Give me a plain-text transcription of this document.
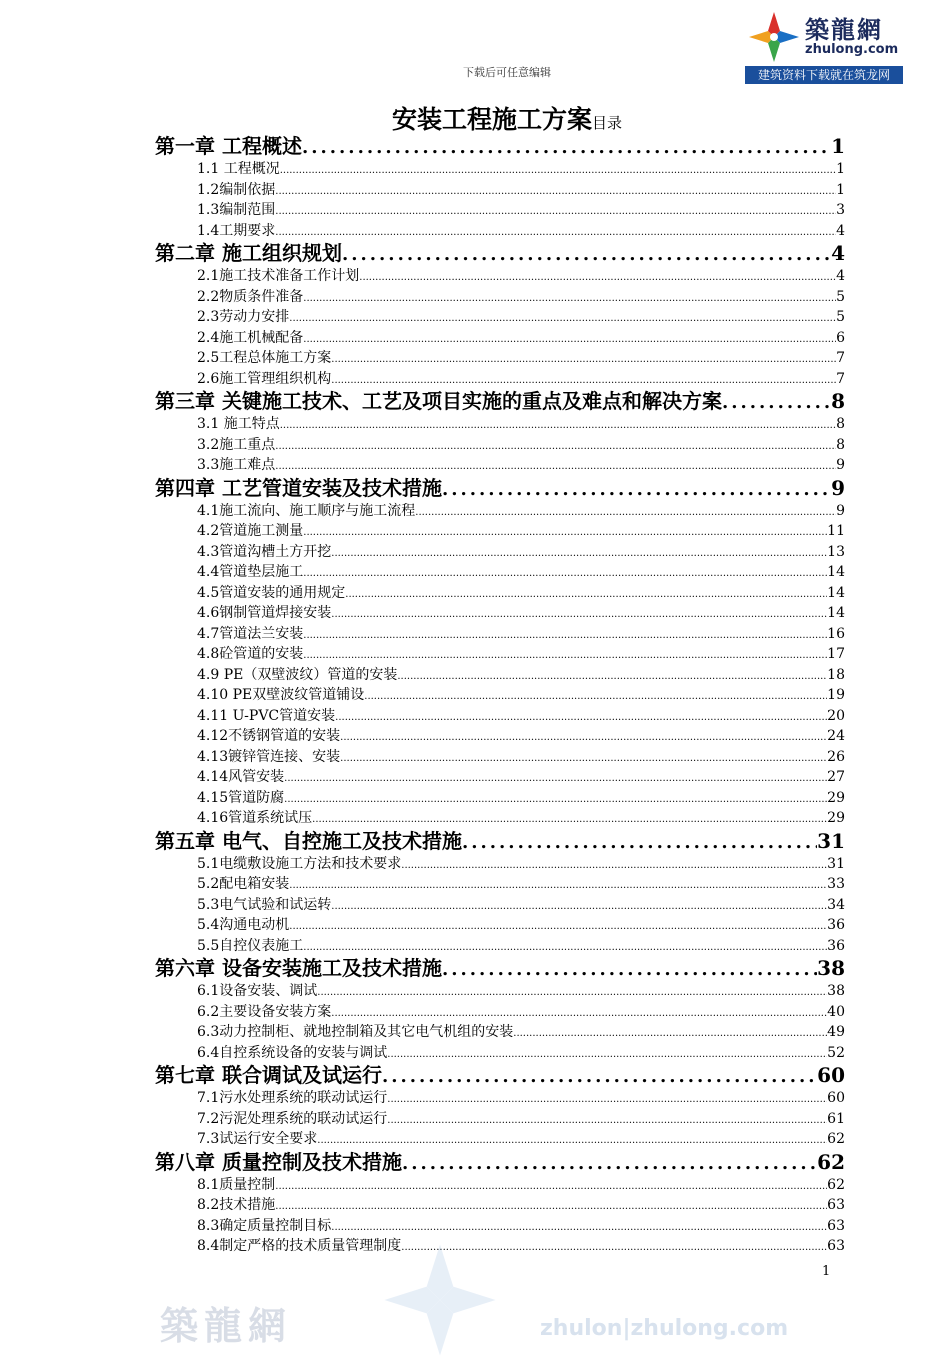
下载后可任意编辑
築龍網
zhulong.com
建筑资料下载就在筑龙网
安装工程施工方案目录
第一章 工程概述 .....	1
1.1 工程概况 .....	1
1.2编制依据 .....	1
1.3编制范围 .....	3
1.4工期要求 .....	4
第二章 施工组织规划 .....	4
2.1施工技术准备工作计划 .....	4
2.2物质条件准备 .....	5
2.3劳动力安排 .....	5
2.4施工机械配备 .....	6
2.5工程总体施工方案 .....	7
2.6施工管理组织机构 .....	7
第三章 关键施工技术、工艺及项目实施的重点及难点和解决方案 .....	8
3.1 施工特点 .....	8
3.2施工重点 .....	8
3.3施工难点 .....	9
第四章 工艺管道安装及技术措施 .....	9
4.1施工流向、施工顺序与施工流程 .....	9
4.2管道施工测量 .....	11
4.3管道沟槽土方开挖 .....	13
4.4管道垫层施工 .....	14
4.5管道安装的通用规定 .....	14
4.6钢制管道焊接安装 .....	14
4.7管道法兰安装 .....	16
4.8砼管道的安装 .....	17
4.9 PE（双壁波纹）管道的安装 .....	18
4.10 PE双壁波纹管道铺设 .....	19
4.11 U-PVC管道安装 .....	20
4.12不锈钢管道的安装 .....	24
4.13镀锌管连接、安装 .....	26
4.14风管安装 .....	27
4.15管道防腐 .....	29
4.16管道系统试压 .....	29
第五章 电气、自控施工及技术措施 .....	31
5.1电缆敷设施工方法和技术要求 .....	31
5.2配电箱安装 .....	33
5.3电气试验和试运转 .....	34
5.4沟通电动机 .....	36
5.5自控仪表施工 .....	36
第六章 设备安装施工及技术措施 .....	38
6.1设备安装、调试 .....	38
6.2主要设备安装方案 .....	40
6.3动力控制柜、就地控制箱及其它电气机组的安装 .....	49
6.4自控系统设备的安装与调试 .....	52
第七章 联合调试及试运行 .....	60
7.1污水处理系统的联动试运行 .....	60
7.2污泥处理系统的联动试运行 .....	61
7.3试运行安全要求 .....	62
第八章 质量控制及技术措施 .....	62
8.1质量控制 .....	62
8.2技术措施 .....	63
8.3确定质量控制目标 .....	63
8.4制定严格的技术质量管理制度 .....	63
1
築龍網	zhulon|zhulong.com
